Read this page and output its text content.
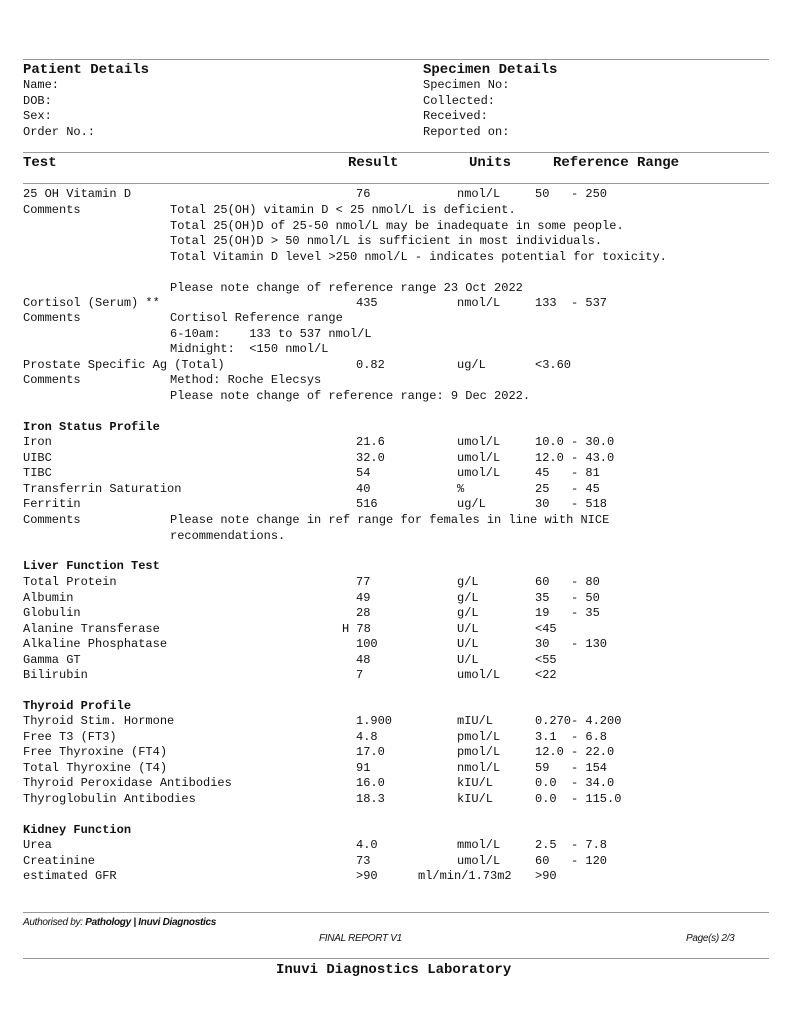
Patient Details	Specimen Details
Name:
DOB:
Sex:
Order No.:
Specimen No:
Collected:
Received:
Reported on:
Test	Result	Units	Reference Range
25 OH Vitamin D	76	nmol/L	50   - 250
Comments	Total 25(OH) vitamin D < 25 nmol/L is deficient.
Total 25(OH)D of 25-50 nmol/L may be inadequate in some people.
Total 25(OH)D > 50 nmol/L is sufficient in most individuals.
Total Vitamin D level >250 nmol/L - indicates potential for toxicity.
Please note change of reference range 23 Oct 2022
Cortisol (Serum) **	435	nmol/L	133  - 537
Comments	Cortisol Reference range
6-10am:    133 to 537 nmol/L
Midnight:  <150 nmol/L
Prostate Specific Ag (Total)	0.82	ug/L	<3.60
Comments	Method: Roche Elecsys
Please note change of reference range: 9 Dec 2022.
Iron Status Profile
Iron	21.6	umol/L	10.0 - 30.0
UIBC	32.0	umol/L	12.0 - 43.0
TIBC	54	umol/L	45   - 81
Transferrin Saturation	40	%	25   - 45
Ferritin	516	ug/L	30   - 518
Comments	Please note change in ref range for females in line with NICE
recommendations.
Liver Function Test
Total Protein	77	g/L	60   - 80
Albumin	49	g/L	35   - 50
Globulin	28	g/L	19   - 35
Alanine Transferase	H 78	U/L	<45
Alkaline Phosphatase	100	U/L	30   - 130
Gamma GT	48	U/L	<55
Bilirubin	7	umol/L	<22
Thyroid Profile
Thyroid Stim. Hormone	1.900	mIU/L	0.270- 4.200
Free T3 (FT3)	4.8	pmol/L	3.1  - 6.8
Free Thyroxine (FT4)	17.0	pmol/L	12.0 - 22.0
Total Thyroxine (T4)	91	nmol/L	59   - 154
Thyroid Peroxidase Antibodies	16.0	kIU/L	0.0  - 34.0
Thyroglobulin Antibodies	18.3	kIU/L	0.0  - 115.0
Kidney Function
Urea	4.0	mmol/L	2.5  - 7.8
Creatinine	73	umol/L	60   - 120
estimated GFR	>90	ml/min/1.73m2 >90
Authorised by: Pathology | Inuvi Diagnostics
FINAL REPORT V1	Page(s) 2/3
Inuvi Diagnostics Laboratory
